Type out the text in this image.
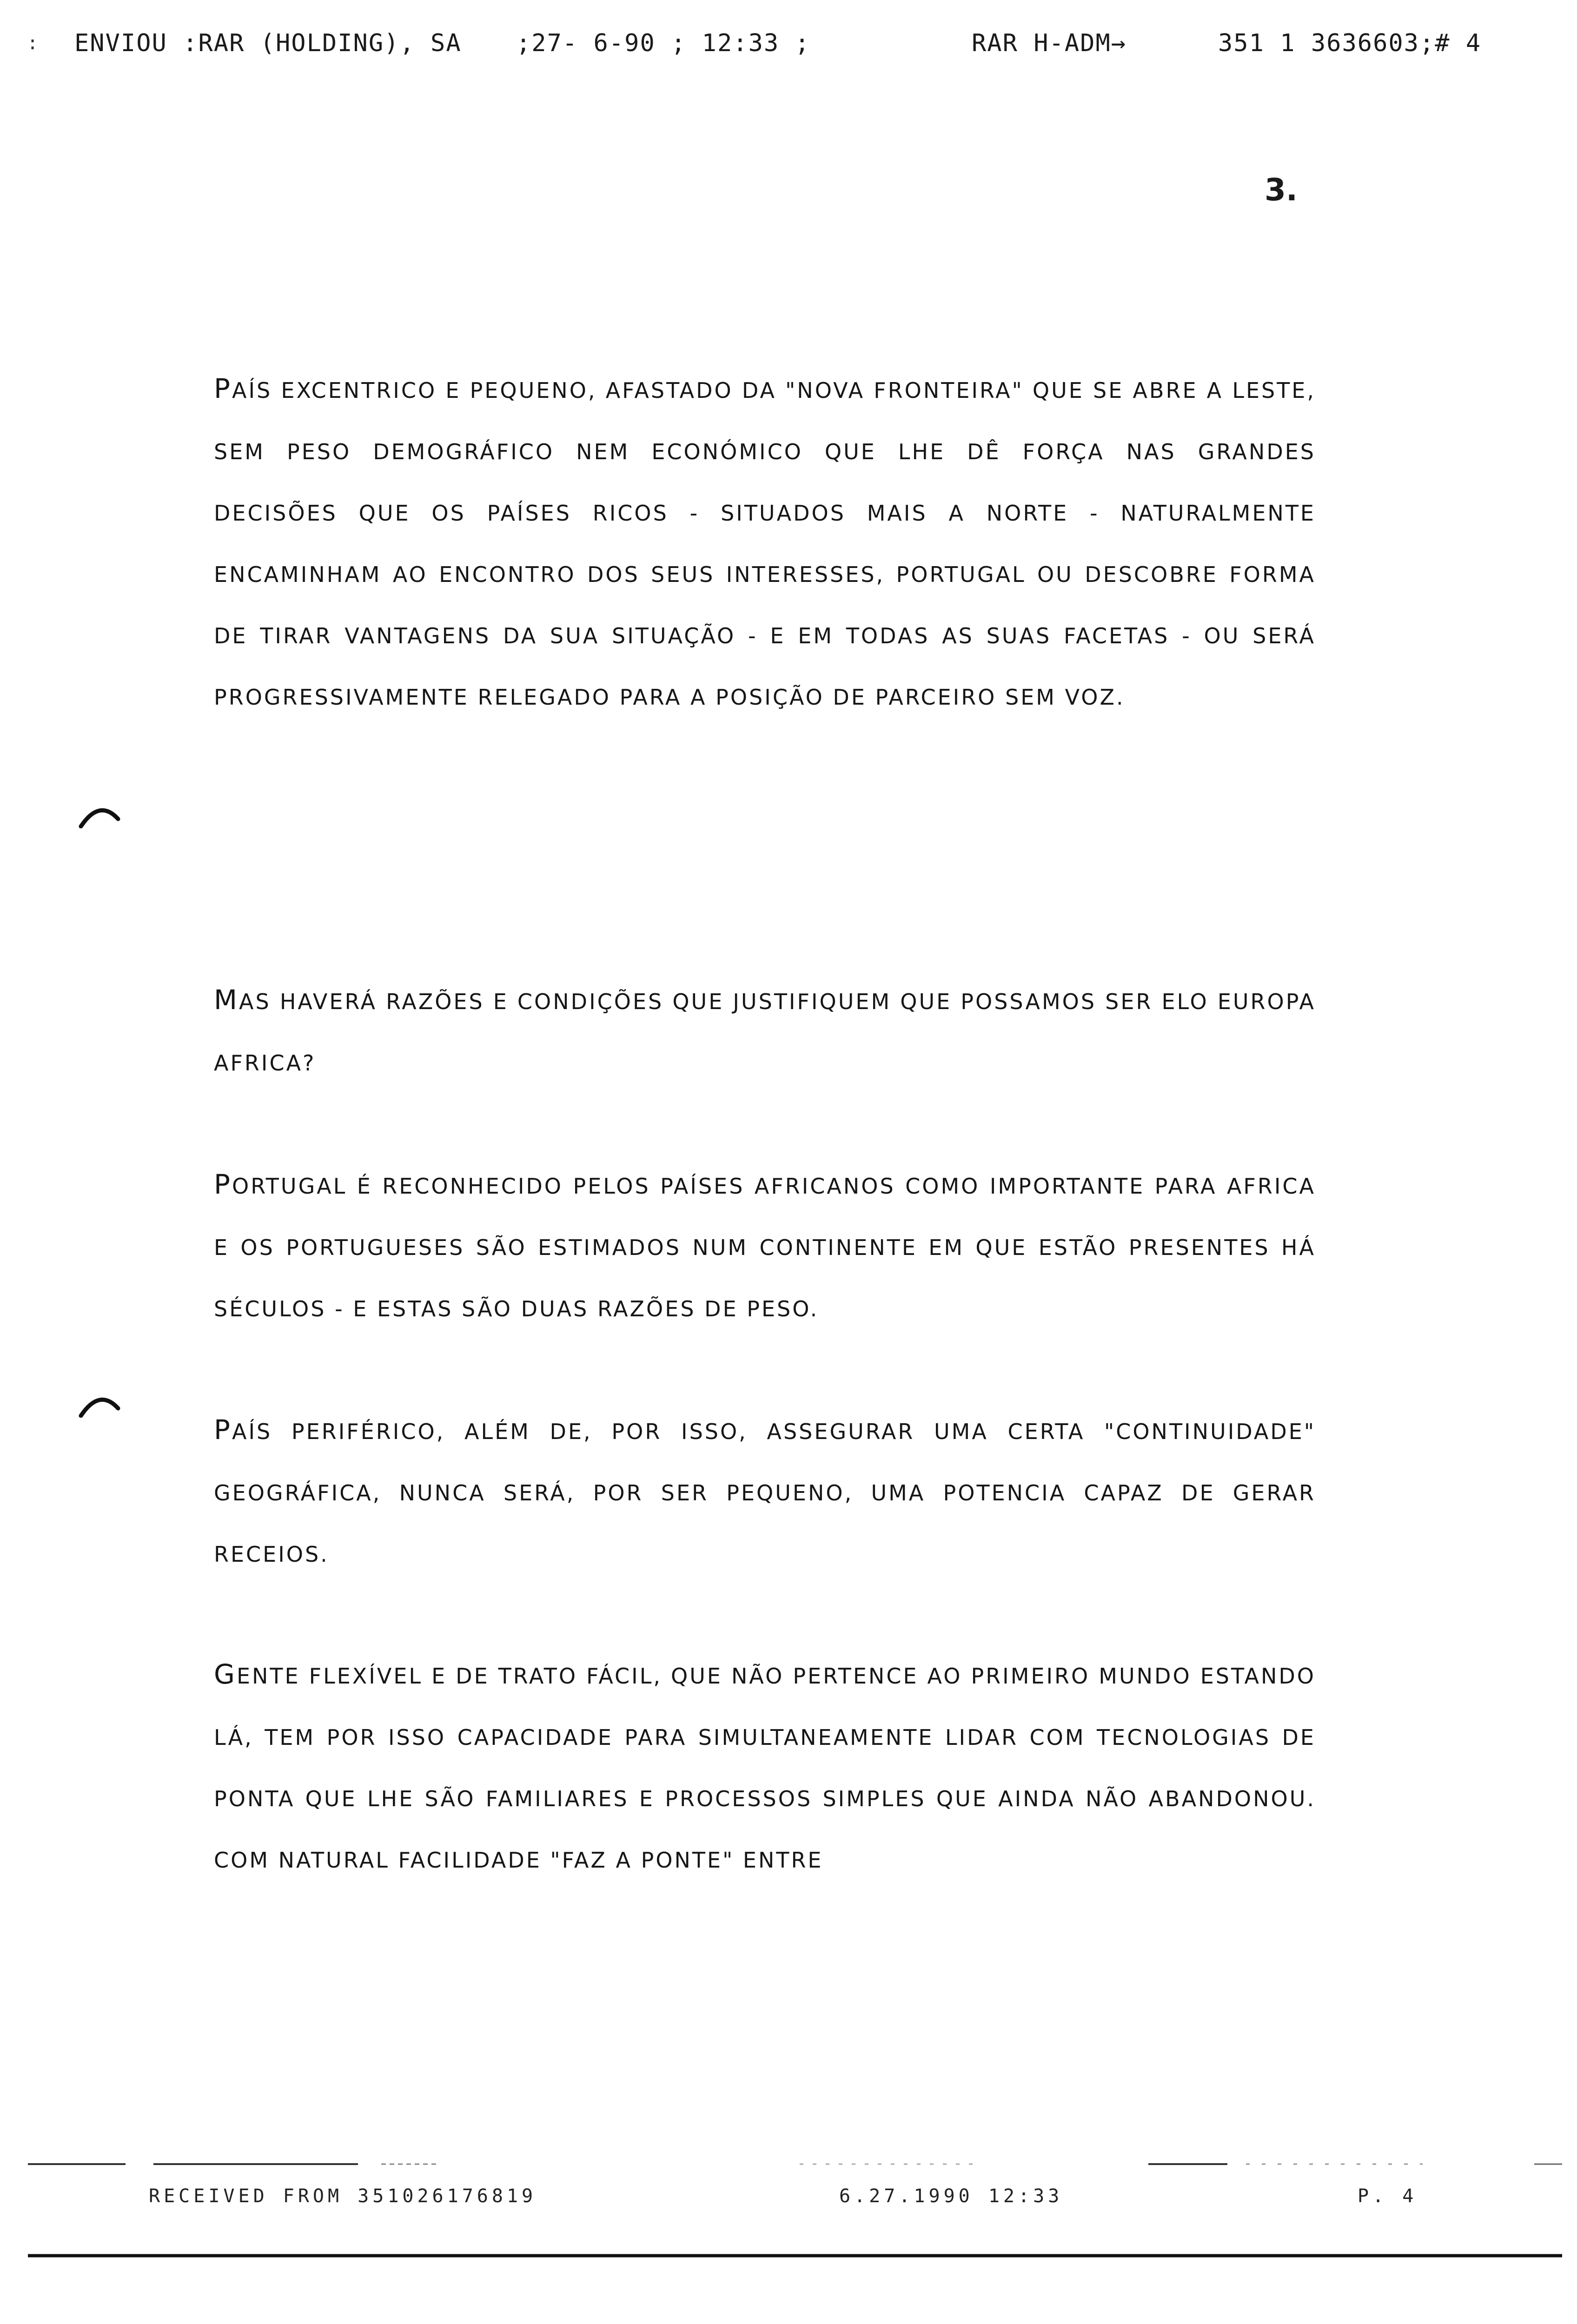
: ENVIOU :RAR (HOLDING), SA ;27- 6-90 ; 12:33 ;	RAR H-ADM→	351 1 3636603;# 4
3.
PAÍS EXCENTRICO E PEQUENO, AFASTADO DA "NOVA FRONTEIRA" QUE SE ABRE A LESTE, SEM PESO DEMOGRÁFICO NEM ECONÓMICO QUE LHE DÊ FORÇA NAS GRANDES DECISÕES QUE OS PAÍSES RICOS - SITUADOS MAIS A NORTE - NATURALMENTE ENCAMINHAM AO ENCONTRO DOS SEUS INTERESSES, PORTUGAL OU DESCOBRE FORMA DE TIRAR VANTAGENS DA SUA SITUAÇÃO - E EM TODAS AS SUAS FACETAS - OU SERÁ PROGRESSIVAMENTE RELEGADO PARA A POSIÇÃO DE PARCEIRO SEM VOZ.
MAS HAVERÁ RAZÕES E CONDIÇÕES QUE JUSTIFIQUEM QUE POSSAMOS SER ELO EUROPA AFRICA?
PORTUGAL É RECONHECIDO PELOS PAÍSES AFRICANOS COMO IMPORTANTE PARA AFRICA E OS PORTUGUESES SÃO ESTIMADOS NUM CONTINENTE EM QUE ESTÃO PRESENTES HÁ SÉCULOS - E ESTAS SÃO DUAS RAZÕES DE PESO.
PAÍS PERIFÉRICO, ALÉM DE, POR ISSO, ASSEGURAR UMA CERTA "CONTINUIDADE" GEOGRÁFICA, NUNCA SERÁ, POR SER PEQUENO, UMA POTENCIA CAPAZ DE GERAR RECEIOS.
GENTE FLEXÍVEL E DE TRATO FÁCIL, QUE NÃO PERTENCE AO PRIMEIRO MUNDO ESTANDO LÁ, TEM POR ISSO CAPACIDADE PARA SIMULTANEAMENTE LIDAR COM TECNOLOGIAS DE PONTA QUE LHE SÃO FAMILIARES E PROCESSOS SIMPLES QUE AINDA NÃO ABANDONOU. COM NATURAL FACILIDADE "FAZ A PONTE" ENTRE
RECEIVED FROM 351026176819	6.27.1990 12:33	P. 4
